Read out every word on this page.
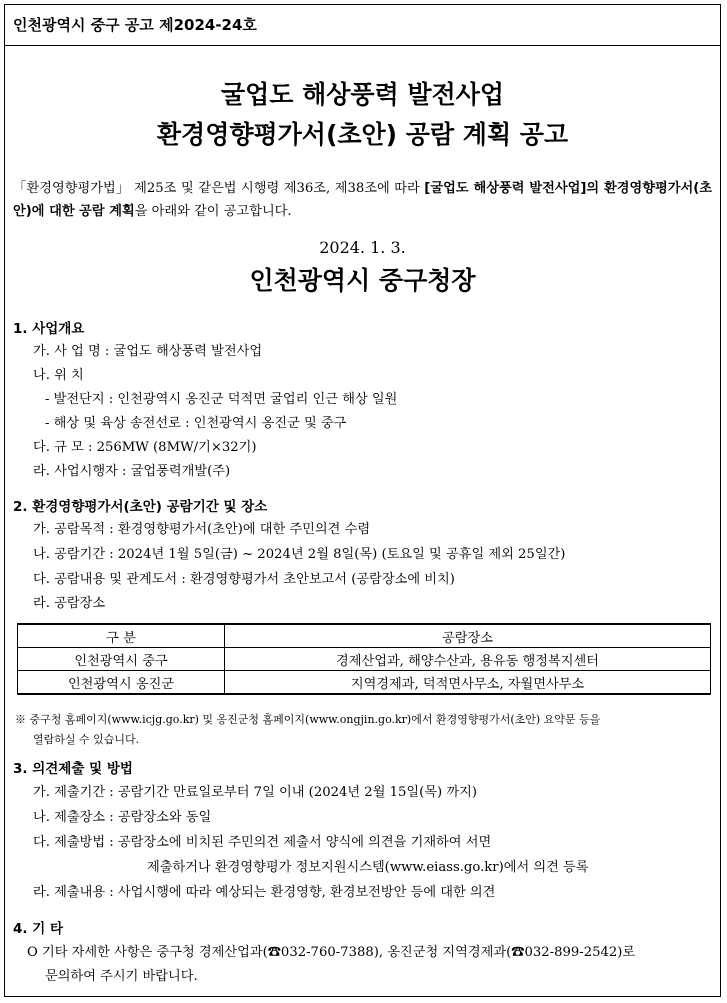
인천광역시 중구 공고 제2024-24호
굴업도 해상풍력 발전사업
환경영향평가서(초안) 공람 계획 공고
「환경영향평가법」 제25조 및 같은법 시행령 제36조, 제38조에 따라 [굴업도 해상풍력 발전사업]의 환경영향평가서(초안)에 대한 공람 계획을 아래와 같이 공고합니다.
2024. 1. 3.
인천광역시 중구청장
1. 사업개요
가. 사 업 명 : 굴업도 해상풍력 발전사업
나. 위 치
- 발전단지 : 인천광역시 옹진군 덕적면 굴업리 인근 해상 일원
- 해상 및 육상 송전선로 : 인천광역시 옹진군 및 중구
다. 규 모 : 256MW (8MW/기×32기)
라. 사업시행자 : 굴업풍력개발(주)
2. 환경영향평가서(초안) 공람기간 및 장소
가. 공람목적 : 환경영향평가서(초안)에 대한 주민의견 수렴
나. 공람기간 : 2024년 1월 5일(금) ~ 2024년 2월 8일(목) (토요일 및 공휴일 제외 25일간)
다. 공람내용 및 관계도서 : 환경영향평가서 초안보고서 (공람장소에 비치)
라. 공람장소
구 분	공람장소
인천광역시 중구	경제산업과, 해양수산과, 용유동 행정복지센터
인천광역시 옹진군	지역경제과, 덕적면사무소, 자월면사무소
※ 중구청 홈페이지(www.icjg.go.kr) 및 옹진군청 홈페이지(www.ongjin.go.kr)에서 환경영향평가서(초안) 요약문 등을
열람하실 수 있습니다.
3. 의견제출 및 방법
가. 제출기간 : 공람기간 만료일로부터 7일 이내 (2024년 2월 15일(목) 까지)
나. 제출장소 : 공람장소와 동일
다. 제출방법 : 공람장소에 비치된 주민의견 제출서 양식에 의견을 기재하여 서면
제출하거나 환경영향평가 정보지원시스템(www.eiass.go.kr)에서 의견 등록
라. 제출내용 : 사업시행에 따라 예상되는 환경영향, 환경보전방안 등에 대한 의견
4. 기 타
O 기타 자세한 사항은 중구청 경제산업과(☎032-760-7388), 옹진군청 지역경제과(☎032-899-2542)로
문의하여 주시기 바랍니다.
